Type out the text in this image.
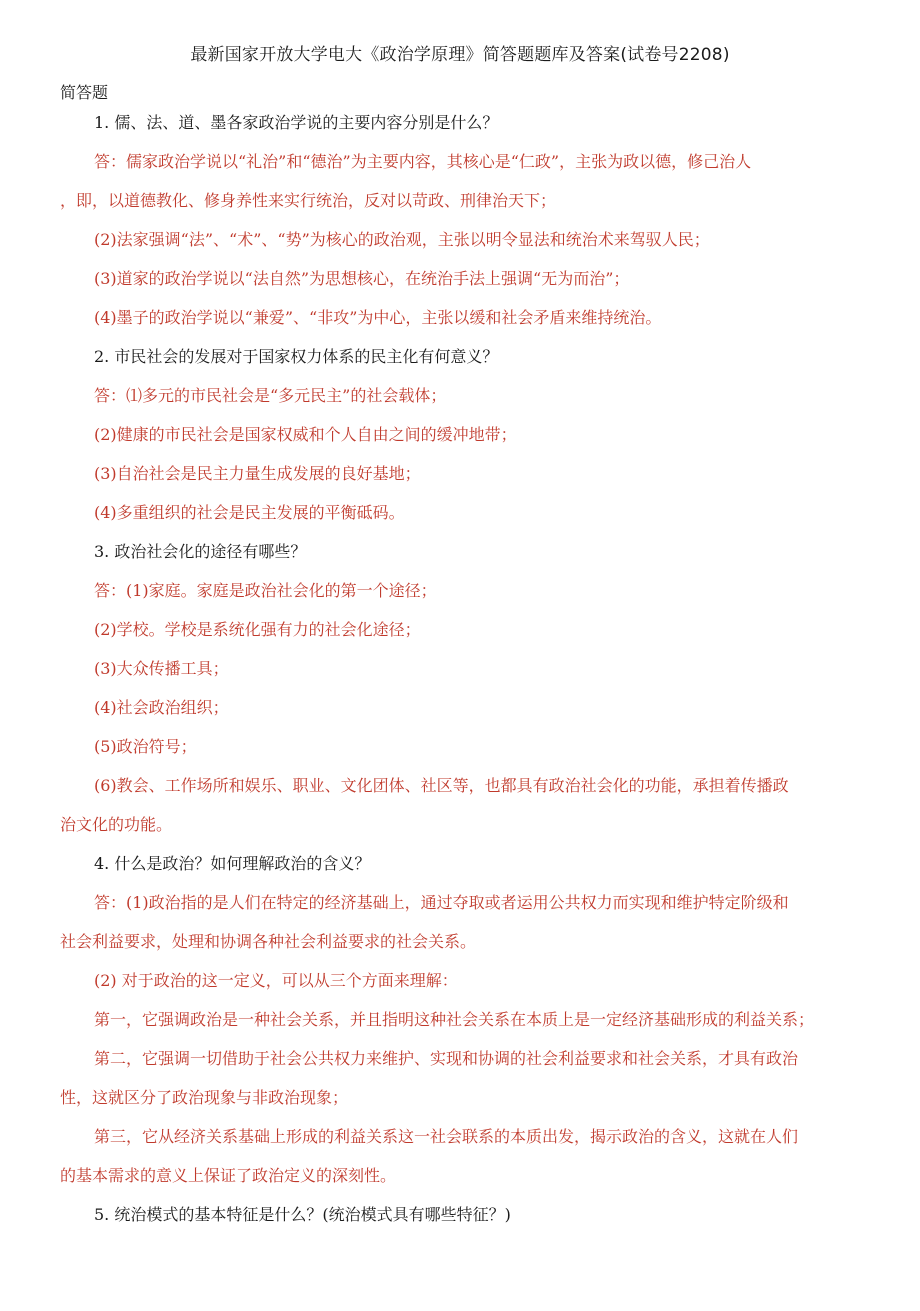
最新国家开放大学电大《政治学原理》简答题题库及答案(试卷号2208)
简答题

1. 儒、法、道、墨各家政治学说的主要内容分别是什么？

答：儒家政治学说以“礼治”和“德治”为主要内容，其核心是“仁政”，主张为政以德，修己治人

，即，以道德教化、修身养性来实行统治，反对以苛政、刑律治天下；

(2)法家强调“法”、“术”、“势”为核心的政治观，主张以明令显法和统治术来驾驭人民；

(3)道家的政治学说以“法自然”为思想核心，在统治手法上强调“无为而治”；

(4)墨子的政治学说以“兼爱”、“非攻”为中心，主张以缓和社会矛盾来维持统治。

2. 市民社会的发展对于国家权力体系的民主化有何意义？

答：⑴多元的市民社会是“多元民主”的社会载体；

(2)健康的市民社会是国家权威和个人自由之间的缓冲地带；

(3)自治社会是民主力量生成发展的良好基地；

(4)多重组织的社会是民主发展的平衡砥码。

3. 政治社会化的途径有哪些？

答：(1)家庭。家庭是政治社会化的第一个途径；

(2)学校。学校是系统化强有力的社会化途径；

(3)大众传播工具；

(4)社会政治组织；

(5)政治符号；

(6)教会、工作场所和娱乐、职业、文化团体、社区等，也都具有政治社会化的功能，承担着传播政

治文化的功能。

4. 什么是政治？如何理解政治的含义？

答：(1)政治指的是人们在特定的经济基础上，通过夺取或者运用公共权力而实现和维护特定阶级和

社会利益要求，处理和协调各种社会利益要求的社会关系。

(2) 对于政治的这一定义，可以从三个方面来理解：

第一，它强调政治是一种社会关系，并且指明这种社会关系在本质上是一定经济基础形成的利益关系；

第二，它强调一切借助于社会公共权力来维护、实现和协调的社会利益要求和社会关系，才具有政治

性，这就区分了政治现象与非政治现象；

第三，它从经济关系基础上形成的利益关系这一社会联系的本质出发，揭示政治的含义，这就在人们

的基本需求的意义上保证了政治定义的深刻性。

5. 统治模式的基本特征是什么？(统治模式具有哪些特征？)
